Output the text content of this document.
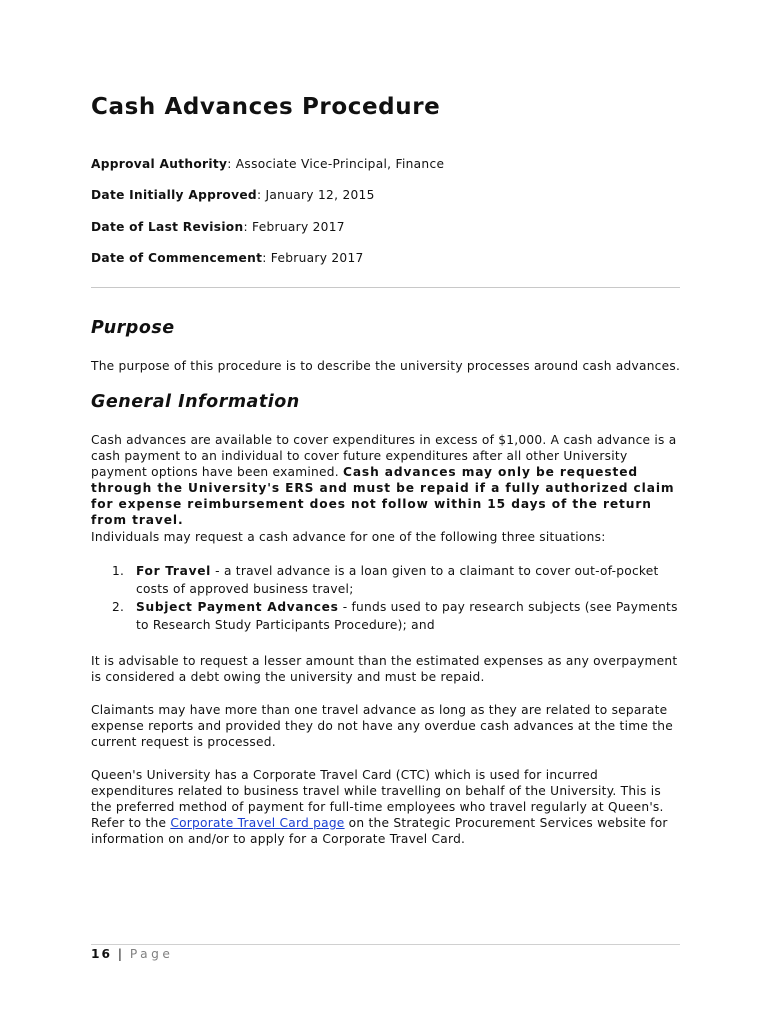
Cash Advances Procedure

Approval Authority: Associate Vice-Principal, Finance

Date Initially Approved: January 12, 2015

Date of Last Revision: February 2017

Date of Commencement: February 2017

Purpose

The purpose of this procedure is to describe the university processes around cash advances.

General Information

Cash advances are available to cover expenditures in excess of $1,000. A cash advance is a cash payment to an individual to cover future expenditures after all other University payment options have been examined. Cash advances may only be requested through the University's ERS and must be repaid if a fully authorized claim for expense reimbursement does not follow within 15 days of the return from travel.

Individuals may request a cash advance for one of the following three situations:

1. For Travel - a travel advance is a loan given to a claimant to cover out-of-pocket costs of approved business travel;
2. Subject Payment Advances - funds used to pay research subjects (see Payments to Research Study Participants Procedure); and

It is advisable to request a lesser amount than the estimated expenses as any overpayment is considered a debt owing the university and must be repaid.

Claimants may have more than one travel advance as long as they are related to separate expense reports and provided they do not have any overdue cash advances at the time the current request is processed.

Queen's University has a Corporate Travel Card (CTC) which is used for incurred expenditures related to business travel while travelling on behalf of the University. This is the preferred method of payment for full-time employees who travel regularly at Queen's. Refer to the Corporate Travel Card page on the Strategic Procurement Services website for information on and/or to apply for a Corporate Travel Card.

16 | Page
